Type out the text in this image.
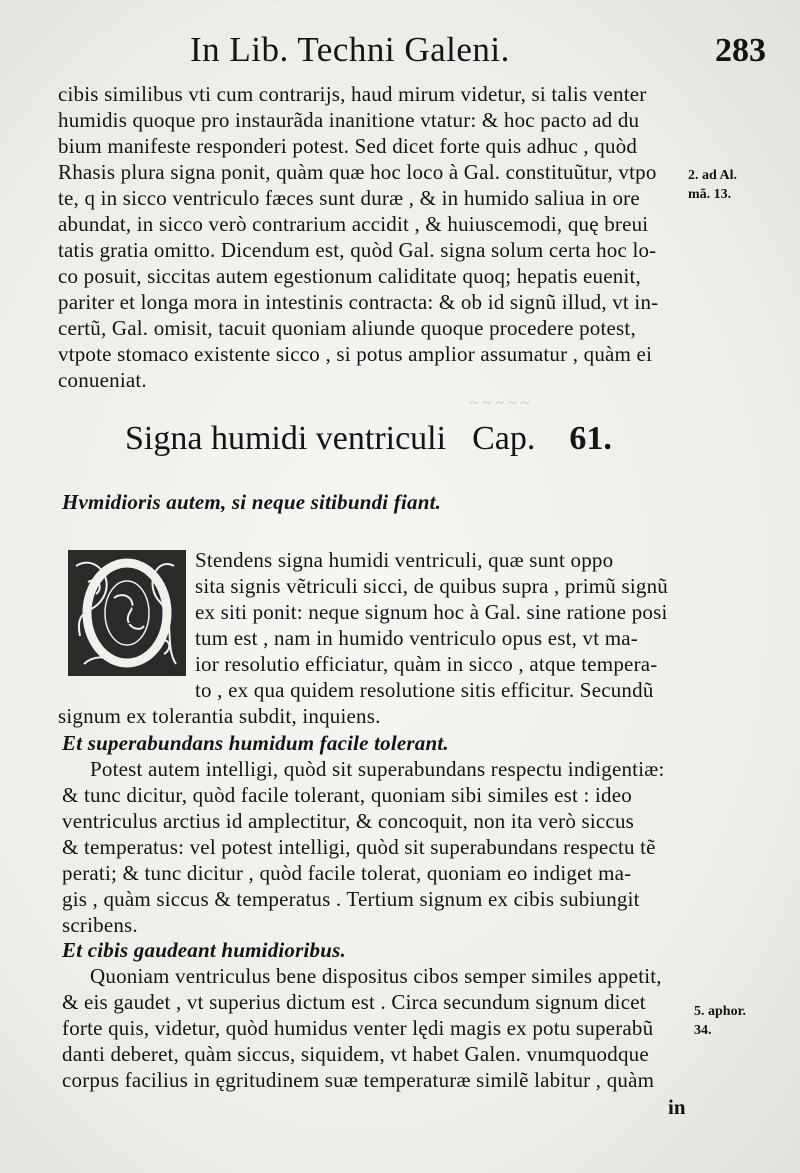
In Lib. Techni Galeni.	283
~ ~ ~ ~ ~
cibis similibus vti cum contrarijs, haud mirum videtur, si talis venter
humidis quoque pro instaurãda inanitione vtatur: & hoc pacto ad du
bium manifeste responderi potest. Sed dicet forte quis adhuc , quòd
Rhasis plura signa ponit, quàm quæ hoc loco à Gal. constituũtur, vtpo
te, q in sicco ventriculo fæces sunt duræ , & in humido saliua in ore
abundat, in sicco verò contrarium accidit , & huiuscemodi, quę breui
tatis gratia omitto. Dicendum est, quòd Gal. signa solum certa hoc lo-
co posuit, siccitas autem egestionum caliditate quoq; hepatis euenit,
pariter et longa mora in intestinis contracta: & ob id signũ illud, vt in-
certũ, Gal. omisit, tacuit quoniam aliunde quoque procedere potest,
vtpote stomaco existente sicco , si potus amplior assumatur , quàm ei
conueniat.
2. ad Al.
mã. 13.
Signa humidi ventriculi Cap. 61.
Hvmidioris autem, si neque sitibundi fiant.
O
Stendens signa humidi ventriculi, quæ sunt oppo
sita signis vẽtriculi sicci, de quibus supra , primũ signũ
ex siti ponit: neque signum hoc à Gal. sine ratione posi
tum est , nam in humido ventriculo opus est, vt ma-
ior resolutio efficiatur, quàm in sicco , atque tempera-
to , ex qua quidem resolutione sitis efficitur. Secundũ
signum ex tolerantia subdit, inquiens.
Et superabundans humidum facile tolerant.
Potest autem intelligi, quòd sit superabundans respectu indigentiæ:
& tunc dicitur, quòd facile tolerant, quoniam sibi similes est : ideo
ventriculus arctius id amplectitur, & concoquit, non ita verò siccus
& temperatus: vel potest intelligi, quòd sit superabundans respectu tẽ
perati; & tunc dicitur , quòd facile tolerat, quoniam eo indiget ma-
gis , quàm siccus & temperatus . Tertium signum ex cibis subiungit
scribens.
Et cibis gaudeant humidioribus.
Quoniam ventriculus bene dispositus cibos semper similes appetit,
& eis gaudet , vt superius dictum est . Circa secundum signum dicet
forte quis, videtur, quòd humidus venter lędi magis ex potu superabũ
danti deberet, quàm siccus, siquidem, vt habet Galen. vnumquodque
corpus facilius in ęgritudinem suæ temperaturæ similẽ labitur , quàm
5. aphor.
34.
in
